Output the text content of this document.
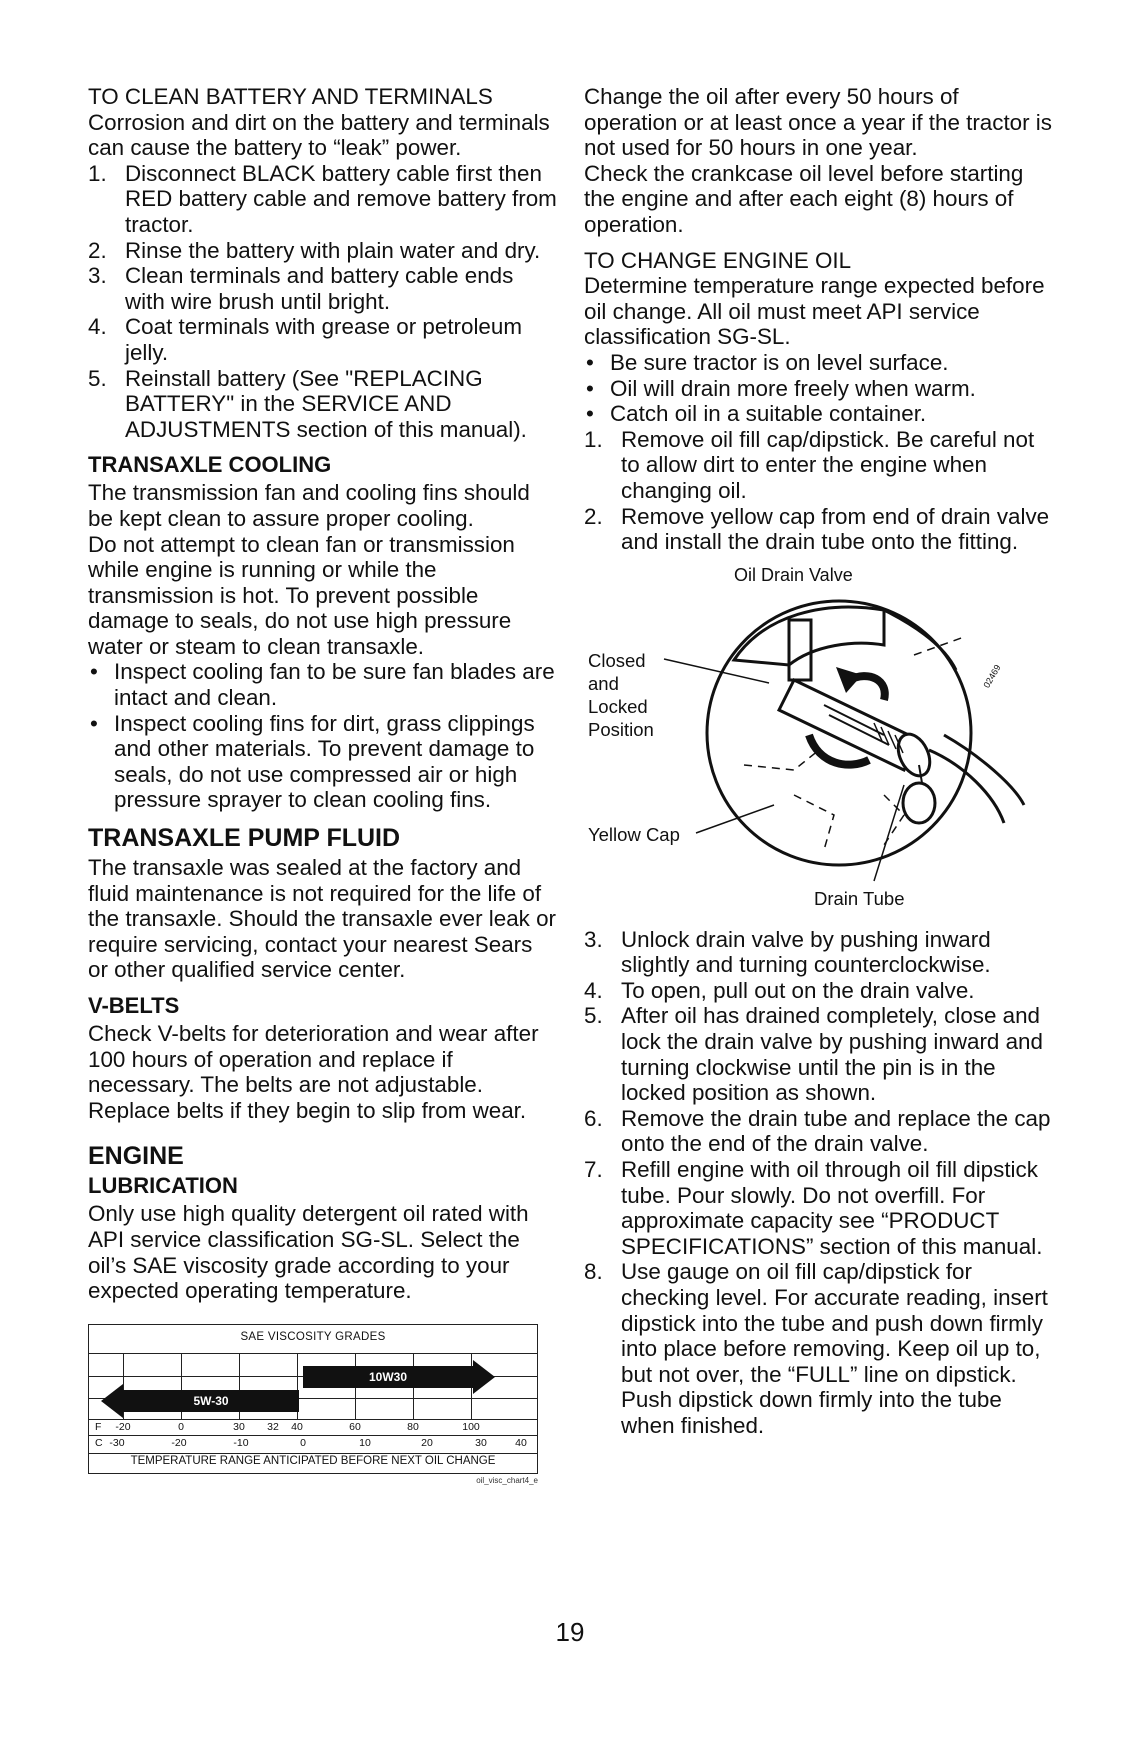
TO CLEAN BATTERY AND TERMINALS

Corrosion and dirt on the battery and terminals can cause the battery to “leak” power.

1. Disconnect BLACK battery cable first then RED battery cable and remove battery from tractor.
2. Rinse the battery with plain water and dry.
3. Clean terminals and battery cable ends with wire brush until bright.
4. Coat terminals with grease or petroleum jelly.
5. Reinstall battery (See "REPLACING BATTERY" in the SERVICE AND ADJUSTMENTS section of this manual).

TRANSAXLE COOLING

The transmission fan and cooling fins should be kept clean to assure proper cooling.

Do not attempt to clean fan or transmission while engine is running or while the transmission is hot. To prevent possible damage to seals, do not use high pressure water or steam to clean transaxle.

• Inspect cooling fan to be sure fan blades are intact and clean.
• Inspect cooling fins for dirt, grass clippings and other materials. To prevent damage to seals, do not use compressed air or high pressure sprayer to clean cooling fins.

TRANSAXLE PUMP FLUID

The transaxle was sealed at the factory and fluid maintenance is not required for the life of the transaxle. Should the transaxle ever leak or require servicing, contact your nearest Sears or other qualified service center.

V-BELTS

Check V-belts for deterioration and wear after 100 hours of operation and replace if necessary. The belts are not adjustable. Replace belts if they begin to slip from wear.

ENGINE

LUBRICATION

Only use high quality detergent oil rated with API service classification SG-SL. Select the oil’s SAE viscosity grade according to your expected operating temperature.

SAE VISCOSITY GRADES
10W30
5W-30
F -20	0	30 32 40	60	80	100
C -30	-20	-10	0	10	20	30	40
TEMPERATURE RANGE ANTICIPATED BEFORE NEXT OIL CHANGE
oil_visc_chart4_e

Change the oil after every 50 hours of operation or at least once a year if the tractor is not used for 50 hours in one year.

Check the crankcase oil level before starting the engine and after each eight (8) hours of operation.

TO CHANGE ENGINE OIL

Determine temperature range expected before oil change. All oil must meet API service classification SG-SL.

• Be sure tractor is on level surface.
• Oil will drain more freely when warm.
• Catch oil in a suitable container.
1. Remove oil fill cap/dipstick. Be careful not to allow dirt to enter the engine when changing oil.
2. Remove yellow cap from end of drain valve and install the drain tube onto the fitting.
Oil Drain Valve
Closed
and
Locked
Position
Yellow Cap
Drain Tube
02469
3. Unlock drain valve by pushing inward slightly and turning counterclockwise.
4. To open, pull out on the drain valve.
5. After oil has drained completely, close and lock the drain valve by pushing inward and turning clockwise until the pin is in the locked position as shown.
6. Remove the drain tube and replace the cap onto the end of the drain valve.
7. Refill engine with oil through oil fill dipstick tube. Pour slowly. Do not overfill. For approximate capacity see “PRODUCT SPECIFICATIONS” section of this manual.
8. Use gauge on oil fill cap/dipstick for checking level. For accurate reading, insert dipstick into the tube and push down firmly into place before removing. Keep oil up to, but not over, the “FULL” line on dipstick. Push dipstick down firmly into the tube when finished.
19
